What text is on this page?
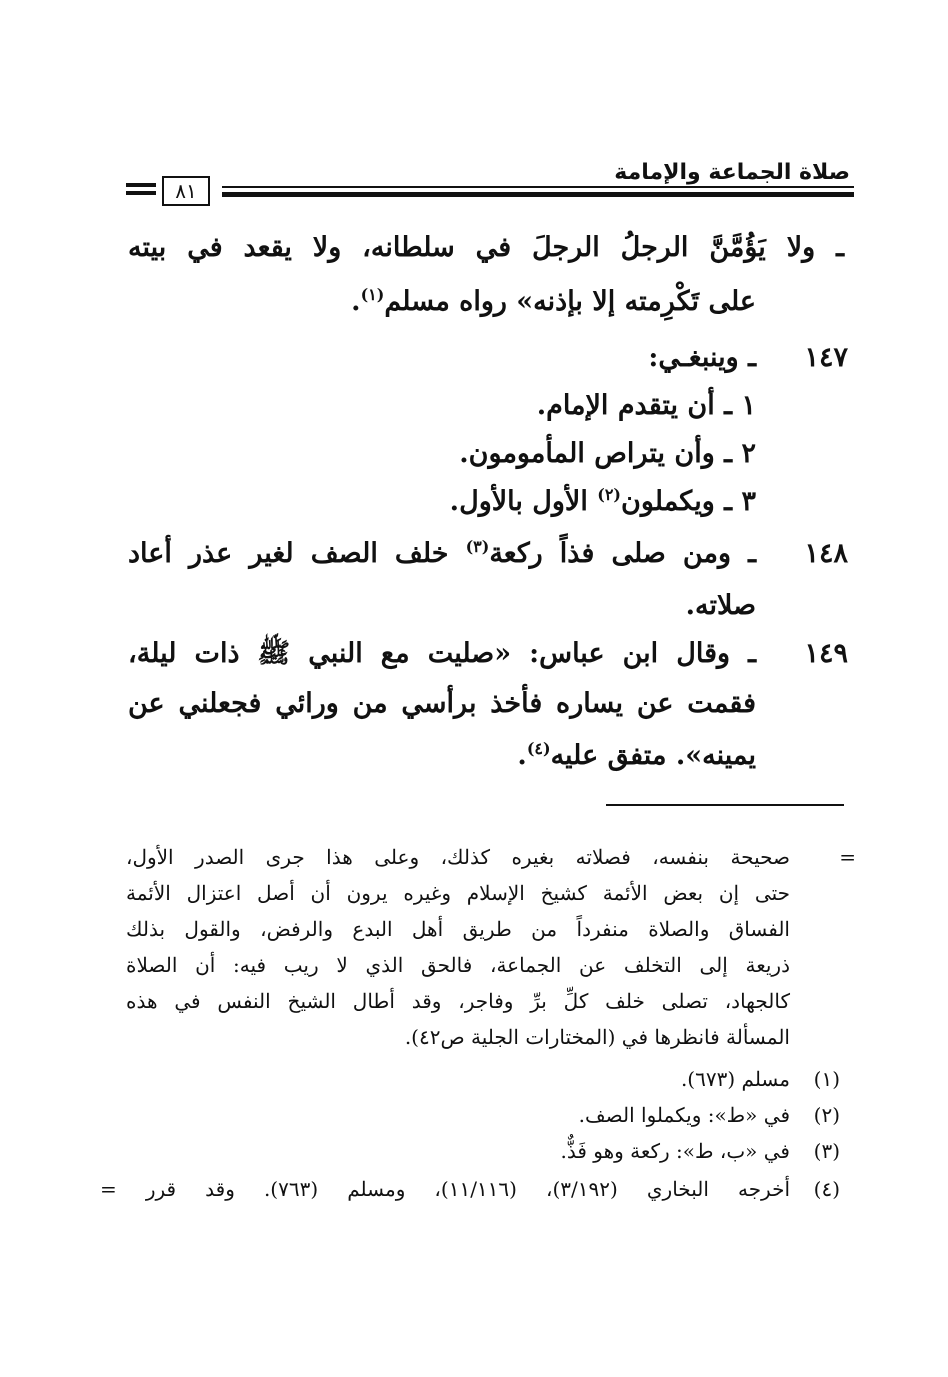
صلاة الجماعة والإمامة
٨١
ـ ولا يَؤُمَّنَّ الرجلُ الرجلَ في سلطانه، ولا يقعد في بيته
على تَكْرِمته إلا بإذنه» رواه مسلم$^{(١)}$.
١٤٧
ـ وينبغـي:
١ ـ أن يتقدم الإمام.
٢ ـ وأن يتراص المأمومون.
٣ ـ ويكملون$^{(٢)}$ الأول بالأول.
١٤٨
ـ ومن صلى فذاً ركعة$^{(٣)}$ خلف الصف لغير عذر أعاد
صلاته.
١٤٩
ـ وقال ابن عباس: «صليت مع النبي ﷺ ذات ليلة،
فقمت عن يساره فأخذ برأسي من ورائي فجعلني عن
يمينه». متفق عليه$^{(٤)}$.
=
صحيحة بنفسه، فصلاته بغيره كذلك، وعلى هذا جرى الصدر الأول،
حتى إن بعض الأئمة كشيخ الإسلام وغيره يرون أن أصل اعتزال الأئمة
الفساق والصلاة منفرداً من طريق أهل البدع والرفض، والقول بذلك
ذريعة إلى التخلف عن الجماعة، فالحق الذي لا ريب فيه: أن الصلاة
كالجهاد، تصلى خلف كلِّ برِّ وفاجر، وقد أطال الشيخ النفس في هذه
المسألة فانظرها في (المختارات الجلية ص٤٢).
(١)
مسلم (٦٧٣).
(٢)
في «ط»: ويكملوا الصف.
(٣)
في «ب، ط»: ركعة وهو فَذٌّ.
(٤)
أخرجه البخاري (٣/١٩٢)، (١١/١١٦)، ومسلم (٧٦٣). وقد قرر =
